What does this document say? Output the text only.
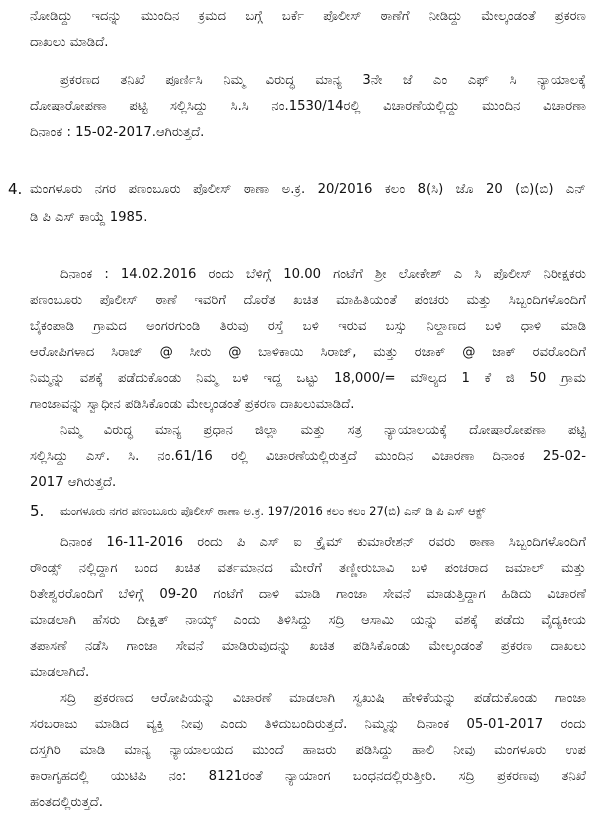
ನೋಡಿದ್ದು ಇದನ್ನು ಮುಂದಿನ ಕ್ರಮದ ಬಗ್ಗೆ ಬರ್ಕೆ ಪೊಲೀಸ್ ಠಾಣೆಗೆ ನೀಡಿದ್ದು ಮೇಲ್ಕಂಡಂತೆ ಪ್ರಕರಣ
ದಾಖಲು ಮಾಡಿದೆ.
ಪ್ರಕರಣದ ತನಿಖೆ ಪೂರ್ಣಿಸಿ ನಿಮ್ಮ ವಿರುದ್ಧ ಮಾನ್ಯ 3ನೇ ಜೆ ಎಂ ಎಫ್ ಸಿ ನ್ಯಾಯಾಲಕ್ಕೆ
ದೋಷಾರೋಪಣಾ ಪಟ್ಟಿ ಸಲ್ಲಿಸಿದ್ದು ಸಿ.ಸಿ ನಂ.1530/14ರಲ್ಲಿ ವಿಚಾರಣೆಯಲ್ಲಿದ್ದು ಮುಂದಿನ ವಿಚಾರಣಾ
ದಿನಾಂಕ : 15-02-2017.ಆಗಿರುತ್ತದೆ.
4. ಮಂಗಳೂರು ನಗರ ಪಣಂಬೂರು ಪೊಲೀಸ್ ಠಾಣಾ ಅ.ಕ್ರ. 20/2016 ಕಲಂ 8(ಸಿ) ಜೊ 20 (ಬಿ)(ಬಿ) ಎನ್
ಡಿ ಪಿ ಎಸ್ ಕಾಯ್ದೆ 1985.
ದಿನಾಂಕ : 14.02.2016 ರಂದು ಬೆಳಿಗ್ಗೆ 10.00 ಗಂಟೆಗೆ ಶ್ರೀ ಲೋಕೇಶ್ ಎ ಸಿ ಪೊಲೀಸ್ ನಿರೀಕ್ಷಕರು
ಪಣಂಬೂರು ಪೊಲೀಸ್ ಠಾಣೆ ಇವರಿಗೆ ದೊರೆತ ಖಚಿತ ಮಾಹಿತಿಯಂತೆ ಪಂಚರು ಮತ್ತು ಸಿಬ್ಬಂದಿಗಳೊಂದಿಗೆ
ಬೈಕಂಪಾಡಿ ಗ್ರಾಮದ ಅಂಗರಗುಂಡಿ ತಿರುವು ರಸ್ತೆ ಬಳಿ ಇರುವ ಬಸ್ಸು ನಿಲ್ದಾಣದ ಬಳಿ ಧಾಳಿ ಮಾಡಿ
ಆರೋಪಿಗಳಾದ ಸಿರಾಜ್ @ ಸೀರು @ ಬಾಳಿಕಾಯಿ ಸಿರಾಜ್, ಮತ್ತು ರಜಾಕ್ @ ಜಾಕ್ ರವರೊಂದಿಗೆ
ನಿಮ್ಮನ್ನು ವಶಕ್ಕೆ ಪಡೆದುಕೊಂಡು ನಿಮ್ಮ ಬಳಿ ಇದ್ದ ಒಟ್ಟು 18,000/= ಮೌಲ್ಯದ 1 ಕೆ ಜಿ 50 ಗ್ರಾಮ
ಗಾಂಜಾವನ್ನು ಸ್ವಾಧೀನ ಪಡಿಸಿಕೊಂಡು ಮೇಲ್ಕಂಡಂತೆ ಪ್ರಕರಣ ದಾಖಲುಮಾಡಿದೆ.
ನಿಮ್ಮ ವಿರುದ್ಧ ಮಾನ್ಯ ಪ್ರಧಾನ ಜಿಲ್ಲಾ ಮತ್ತು ಸತ್ರ ನ್ಯಾಯಾಲಯಕ್ಕೆ ದೋಷಾರೋಪಣಾ ಪಟ್ಟಿ
ಸಲ್ಲಿಸಿದ್ದು ಎಸ್. ಸಿ. ನಂ.61/16 ರಲ್ಲಿ ವಿಚಾರಣೆಯಲ್ಲಿರುತ್ತದೆ ಮುಂದಿನ ವಿಚಾರಣಾ ದಿನಾಂಕ 25-02-
2017 ಆಗಿರುತ್ತದೆ.
5.	ಮಂಗಳೂರು ನಗರ ಪಣಂಬೂರು ಪೊಲೀಸ್ ಠಾಣಾ ಅ.ಕ್ರ. 197/2016 ಕಲಂ ಕಲಂ 27(ಬಿ) ಎನ್ ಡಿ ಪಿ ಎಸ್ ಆಕ್ಟ್
ದಿನಾಂಕ 16-11-2016 ರಂದು ಪಿ ಎಸ್ ಐ ಕ್ರೈಮ್ ಕುಮಾರೇಶನ್ ರವರು ಠಾಣಾ ಸಿಬ್ಬಂದಿಗಳೊಂದಿಗೆ
ರೌಂಡ್ಸ್ ನಲ್ಲಿದ್ದಾಗ ಬಂದ ಖಚಿತ ವರ್ತಮಾನದ ಮೇರೆಗೆ ತಣ್ಣೀರುಬಾವಿ ಬಳಿ ಪಂಚರಾದ ಜಮಾಲ್ ಮತ್ತು
ರಿತೇಶ್ವರರೊಂದಿಗೆ ಬೆಳಿಗ್ಗೆ 09-20 ಗಂಟೆಗೆ ದಾಳಿ ಮಾಡಿ ಗಾಂಜಾ ಸೇವನೆ ಮಾಡುತ್ತಿದ್ದಾಗ ಹಿಡಿದು ವಿಚಾರಣೆ
ಮಾಡಲಾಗಿ ಹೆಸರು ದೀಕ್ಷಿತ್ ನಾಯ್ಕ್ ಎಂದು ತಿಳಿಸಿದ್ದು ಸದ್ರಿ ಆಸಾಮಿ ಯನ್ನು ವಶಕ್ಕೆ ಪಡೆದು ವೈದ್ಯಕೀಯ
ತಪಾಸಣೆ ನಡೆಸಿ ಗಾಂಜಾ ಸೇವನೆ ಮಾಡಿರುವುದನ್ನು ಖಚಿತ ಪಡಿಸಿಕೊಂಡು ಮೇಲ್ಕಂಡಂತೆ ಪ್ರಕರಣ ದಾಖಲು
ಮಾಡಲಾಗಿದೆ.
ಸದ್ರಿ ಪ್ರಕರಣದ ಆರೋಪಿಯನ್ನು ವಿಚಾರಣೆ ಮಾಡಲಾಗಿ ಸ್ವಖುಷಿ ಹೇಳಿಕೆಯನ್ನು ಪಡೆದುಕೊಂಡು ಗಾಂಜಾ
ಸರಬರಾಜು ಮಾಡಿದ ವ್ಯಕ್ತಿ ನೀವು ಎಂದು ತಿಳಿದುಬಂದಿರುತ್ತದೆ. ನಿಮ್ಮನ್ನು ದಿನಾಂಕ 05-01-2017 ರಂದು
ದಸ್ತಗಿರಿ ಮಾಡಿ ಮಾನ್ಯ ನ್ಯಾಯಾಲಯದ ಮುಂದೆ ಹಾಜರು ಪಡಿಸಿದ್ದು ಹಾಲಿ ನೀವು ಮಂಗಳೂರು ಉಪ
ಕಾರಾಗೃಹದಲ್ಲಿ ಯುಟಿಪಿ ನಂ: 8121ರಂತೆ ನ್ಯಾಯಾಂಗ ಬಂಧನದಲ್ಲಿರುತ್ತೀರಿ. ಸದ್ರಿ ಪ್ರಕರಣವು ತನಿಖೆ
ಹಂತದಲ್ಲಿರುತ್ತದೆ.
